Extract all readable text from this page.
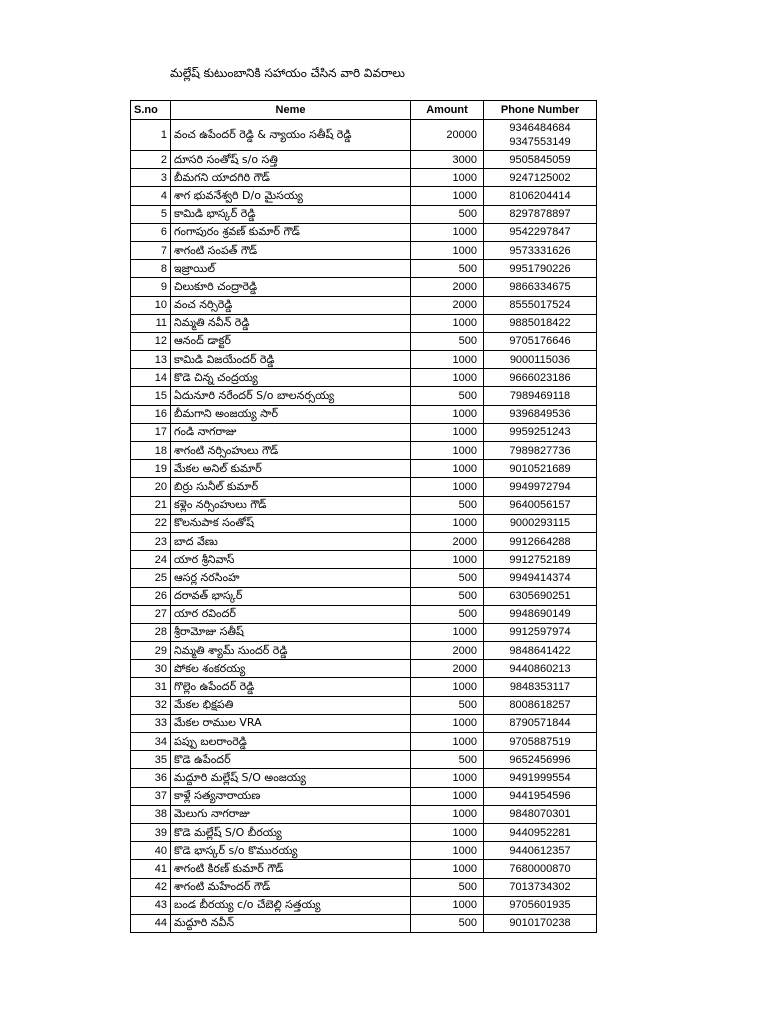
మల్లేష్ కుటుంబానికి సహాయం చేసిన వారి వివరాలు
S.no	Neme	Amount	Phone Number
1	వంచ ఉపేందర్ రెడ్డి & న్యాయం సతీష్ రెడ్డి	20000	9346484684
9347553149

2	దూసరి సంతోష్ s/o సత్తి	3000	9505845059

3	బీమగని యాదగిరి గౌడ్	1000	9247125002

4	శాగ భువనేశ్వరి D/o మైసయ్య	1000	8106204414

5	కామిడి భాస్కర్ రెడ్డి	500	8297878897

6	గంగాపురం శ్రవణ్ కుమార్ గౌడ్	1000	9542297847

7	శాగంటి సంపత్ గౌడ్	1000	9573331626

8	ఇజ్రాయిల్	500	9951790226

9	చిలుకూరి చంద్రారెడ్డి	2000	9866334675

10	వంచ నర్సిరెడ్డి	2000	8555017524

11	నిమ్మతి నవీన్ రెడ్డి	1000	9885018422

12	ఆనంద్ డాక్టర్	500	9705176646

13	కామిడి విజయేందర్ రెడ్డి	1000	9000115036

14	కొడె చిన్న చంద్రయ్య	1000	9666023186

15	ఏదునూరి నరేందర్ S/o బాలనర్సయ్య	500	7989469118

16	బీమగాని అంజయ్య సార్	1000	9396849536

17	గండి నాగరాజు	1000	9959251243

18	శాగంటి నర్సింహులు గౌడ్	1000	7989827736

19	మేకల అనిల్ కుమార్	1000	9010521689

20	బిర్రు సునీల్ కుమార్	1000	9949972794

21	కళ్లెం నర్సింహులు గౌడ్	500	9640056157

22	కొలనుపాక సంతోష్	1000	9000293115

23	బాద వేణు	2000	9912664288

24	యార శ్రీనివాస్	1000	9912752189

25	ఆసర్ల నరసింహ	500	9949414374

26	దరావత్ భాస్కర్	500	6305690251

27	యార రవిందర్	500	9948690149

28	శ్రీరామోజు సతీష్	1000	9912597974

29	నిమ్మతి శ్యామ్ సుందర్ రెడ్డి	2000	9848641422

30	పోకల శంకరయ్య	2000	9440860213

31	గొల్లెం ఉపేందర్ రెడ్డి	1000	9848353117

32	మేకల భిక్షపతి	500	8008618257

33	మేకల రాముల VRA	1000	8790571844

34	పప్పు బలరాంరెడ్డి	1000	9705887519

35	కొడె ఉపేందర్	500	9652456996

36	మద్దూరి మల్లేష్ S/O అంజయ్య	1000	9491999554

37	కాళ్లే సత్యనారాయణ	1000	9441954596

38	మెలుగు నాగరాజు	1000	9848070301

39	కొడె మల్లేష్ S/O బీరయ్య	1000	9440952281

40	కొడె భాస్కర్ s/o కొమురయ్య	1000	9440612357

41	శాగంటి కిరణ్ కుమార్ గౌడ్	1000	7680000870

42	శాగంటి మహేందర్ గౌడ్	500	7013734302

43	బండ బీరయ్య c/o చేబెల్లి సత్తయ్య	1000	9705601935

44	మద్దూరి నవీన్	500	9010170238
